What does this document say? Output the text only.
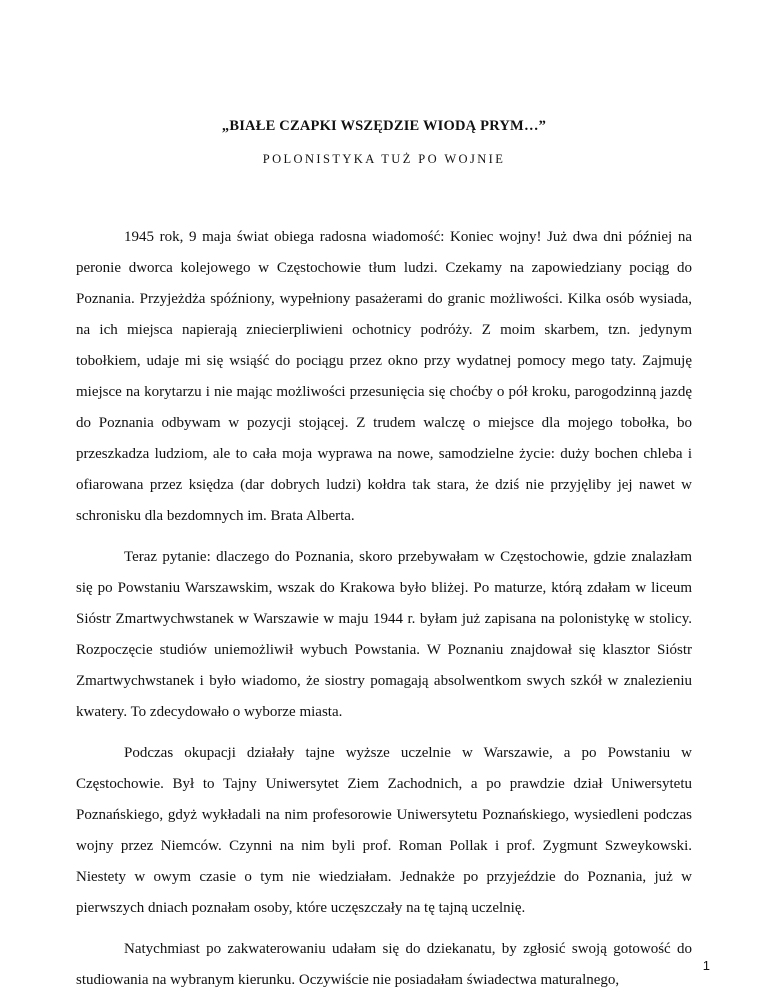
„BIAŁE CZAPKI WSZĘDZIE WIODĄ PRYM…”
POLONISTYKA TUŻ PO WOJNIE

1945 rok, 9 maja świat obiega radosna wiadomość: Koniec wojny! Już dwa dni później na peronie dworca kolejowego w Częstochowie tłum ludzi. Czekamy na zapowiedziany pociąg do Poznania. Przyjeżdża spóźniony, wypełniony pasażerami do granic możliwości. Kilka osób wysiada, na ich miejsca napierają zniecierpliwieni ochotnicy podróży. Z moim skarbem, tzn. jedynym tobołkiem, udaje mi się wsiąść do pociągu przez okno przy wydatnej pomocy mego taty. Zajmuję miejsce na korytarzu i nie mając możliwości przesunięcia się choćby o pół kroku, parogodzinną jazdę do Poznania odbywam w pozycji stojącej. Z trudem walczę o miejsce dla mojego tobołka, bo przeszkadza ludziom, ale to cała moja wyprawa na nowe, samodzielne życie: duży bochen chleba i ofiarowana przez księdza (dar dobrych ludzi) kołdra tak stara, że dziś nie przyjęliby jej nawet w schronisku dla bezdomnych im. Brata Alberta.

Teraz pytanie: dlaczego do Poznania, skoro przebywałam w Częstochowie, gdzie znalazłam się po Powstaniu Warszawskim, wszak do Krakowa było bliżej. Po maturze, którą zdałam w liceum Sióstr Zmartwychwstanek w Warszawie w maju 1944 r. byłam już zapisana na polonistykę w stolicy. Rozpoczęcie studiów uniemożliwił wybuch Powstania. W Poznaniu znajdował się klasztor Sióstr Zmartwychwstanek i było wiadomo, że siostry pomagają absolwentkom swych szkół w znalezieniu kwatery. To zdecydowało o wyborze miasta.

Podczas okupacji działały tajne wyższe uczelnie w Warszawie, a po Powstaniu w Częstochowie. Był to Tajny Uniwersytet Ziem Zachodnich, a po prawdzie dział Uniwersytetu Poznańskiego, gdyż wykładali na nim profesorowie Uniwersytetu Poznańskiego, wysiedleni podczas wojny przez Niemców. Czynni na nim byli prof. Roman Pollak i prof. Zygmunt Szweykowski. Niestety w owym czasie o tym nie wiedziałam. Jednakże po przyjeździe do Poznania, już w pierwszych dniach poznałam osoby, które uczęszczały na tę tajną uczelnię.

Natychmiast po zakwaterowaniu udałam się do dziekanatu, by zgłosić swoją gotowość do studiowania na wybranym kierunku. Oczywiście nie posiadałam świadectwa maturalnego,

1
